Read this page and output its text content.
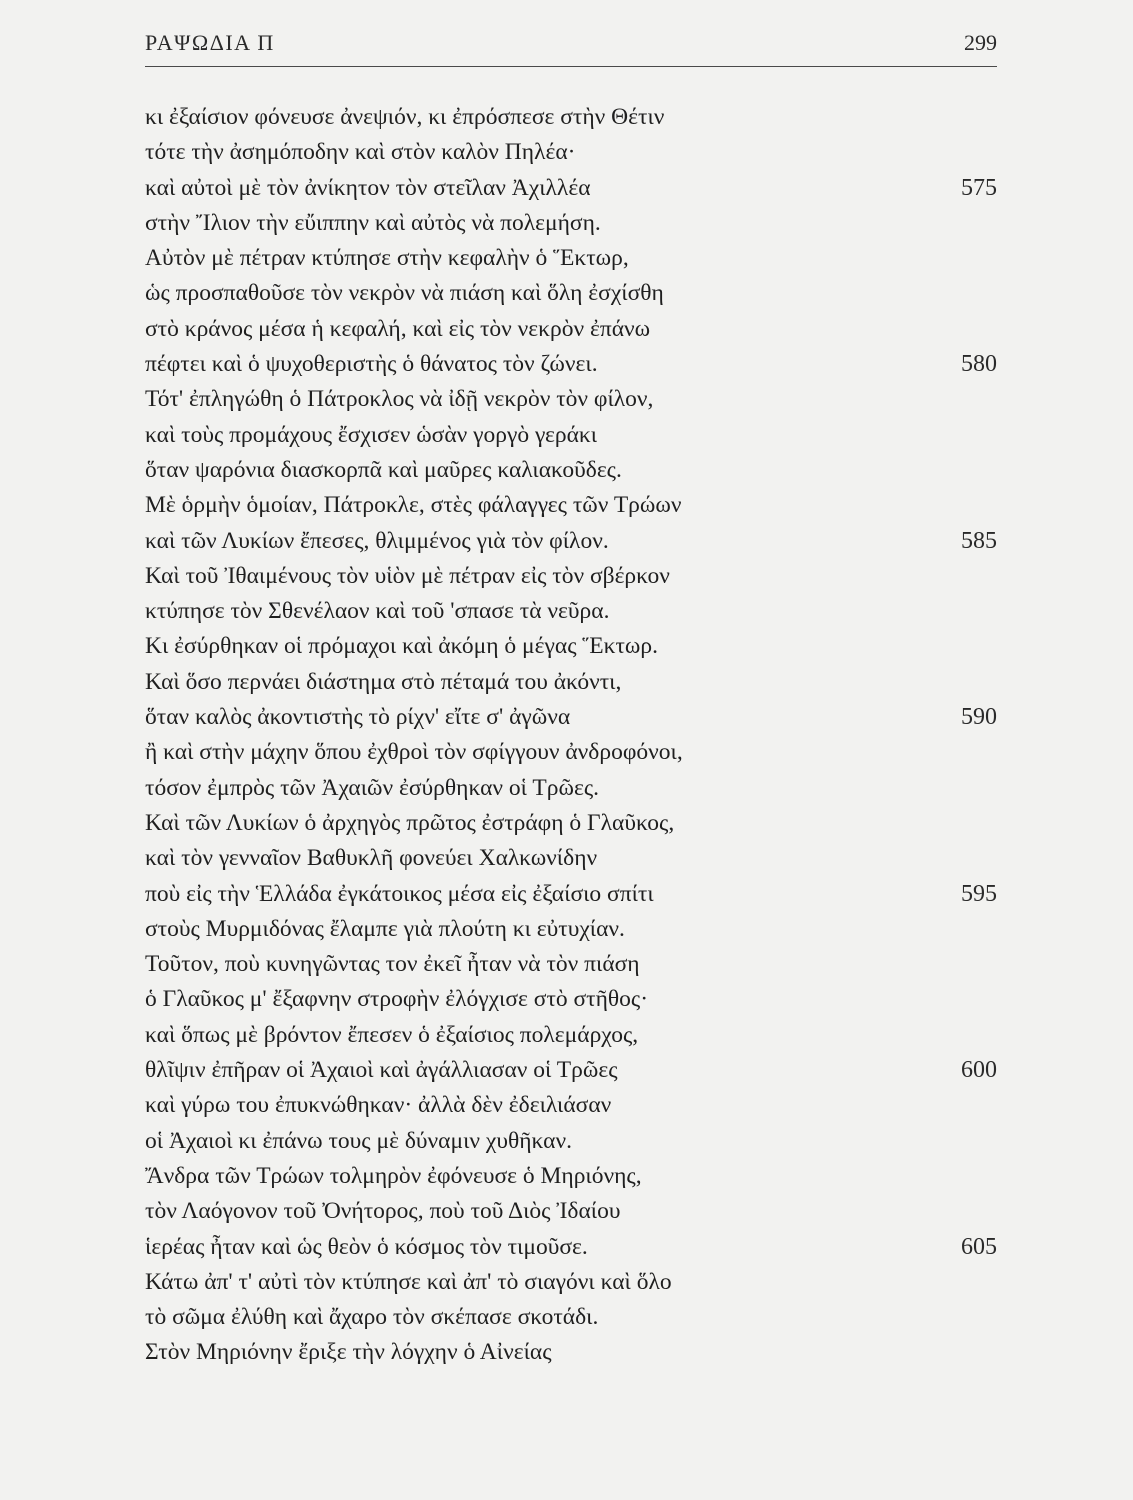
ΡΑΨΩΔΙΑ Π	299
κι ἐξαίσιον φόνευσε ἀνεψιόν, κι ἐπρόσπεσε στὴν Θέτιν
τότε τὴν ἀσημόποδην καὶ στὸν καλὸν Πηλέα·
καὶ αὐτοὶ μὲ τὸν ἀνίκητον τὸν στεῖλαν Ἀχιλλέα	575
στὴν Ἴλιον τὴν εὔιππην καὶ αὐτὸς νὰ πολεμήση.
Αὐτὸν μὲ πέτραν κτύπησε στὴν κεφαλὴν ὁ Ἕκτωρ,
ὡς προσπαθοῦσε τὸν νεκρὸν νὰ πιάση καὶ ὅλη ἐσχίσθη
στὸ κράνος μέσα ἡ κεφαλή, καὶ εἰς τὸν νεκρὸν ἐπάνω
πέφτει καὶ ὁ ψυχοθεριστὴς ὁ θάνατος τὸν ζώνει.	580
Τότ' ἐπληγώθη ὁ Πάτροκλος νὰ ἰδῇ νεκρὸν τὸν φίλον,
καὶ τοὺς προμάχους ἔσχισεν ὡσὰν γοργὸ γεράκι
ὅταν ψαρόνια διασκορπᾶ καὶ μαῦρες καλιακοῦδες.
Μὲ ὁρμὴν ὁμοίαν, Πάτροκλε, στὲς φάλαγγες τῶν Τρώων
καὶ τῶν Λυκίων ἔπεσες, θλιμμένος γιὰ τὸν φίλον.	585
Καὶ τοῦ Ἰθαιμένους τὸν υἱὸν μὲ πέτραν εἰς τὸν σβέρκον
κτύπησε τὸν Σθενέλαον καὶ τοῦ 'σπασε τὰ νεῦρα.
Κι ἐσύρθηκαν οἱ πρόμαχοι καὶ ἀκόμη ὁ μέγας Ἕκτωρ.
Καὶ ὅσο περνάει διάστημα στὸ πέταμά του ἀκόντι,
ὅταν καλὸς ἀκοντιστὴς τὸ ρίχν' εἴτε σ' ἀγῶνα	590
ἢ καὶ στὴν μάχην ὅπου ἐχθροὶ τὸν σφίγγουν ἀνδροφόνοι,
τόσον ἐμπρὸς τῶν Ἀχαιῶν ἐσύρθηκαν οἱ Τρῶες.
Καὶ τῶν Λυκίων ὁ ἀρχηγὸς πρῶτος ἐστράφη ὁ Γλαῦκος,
καὶ τὸν γενναῖον Βαθυκλῆ φονεύει Χαλκωνίδην
ποὺ εἰς τὴν Ἑλλάδα ἐγκάτοικος μέσα εἰς ἐξαίσιο σπίτι	595
στοὺς Μυρμιδόνας ἔλαμπε γιὰ πλούτη κι εὐτυχίαν.
Τοῦτον, ποὺ κυνηγῶντας τον ἐκεῖ ἦταν νὰ τὸν πιάση
ὁ Γλαῦκος μ' ἔξαφνην στροφὴν ἐλόγχισε στὸ στῆθος·
καὶ ὅπως μὲ βρόντον ἔπεσεν ὁ ἐξαίσιος πολεμάρχος,
θλῖψιν ἐπῆραν οἱ Ἀχαιοὶ καὶ ἀγάλλιασαν οἱ Τρῶες	600
καὶ γύρω του ἐπυκνώθηκαν· ἀλλὰ δὲν ἐδειλιάσαν
οἱ Ἀχαιοὶ κι ἐπάνω τους μὲ δύναμιν χυθῆκαν.
Ἄνδρα τῶν Τρώων τολμηρὸν ἐφόνευσε ὁ Μηριόνης,
τὸν Λαόγονον τοῦ Ὀνήτορος, ποὺ τοῦ Διὸς Ἰδαίου
ἱερέας ἦταν καὶ ὡς θεὸν ὁ κόσμος τὸν τιμοῦσε.	605
Κάτω ἀπ' τ' αὐτὶ τὸν κτύπησε καὶ ἀπ' τὸ σιαγόνι καὶ ὅλο
τὸ σῶμα ἐλύθη καὶ ἄχαρο τὸν σκέπασε σκοτάδι.
Στὸν Μηριόνην ἔριξε τὴν λόγχην ὁ Αἰνείας
